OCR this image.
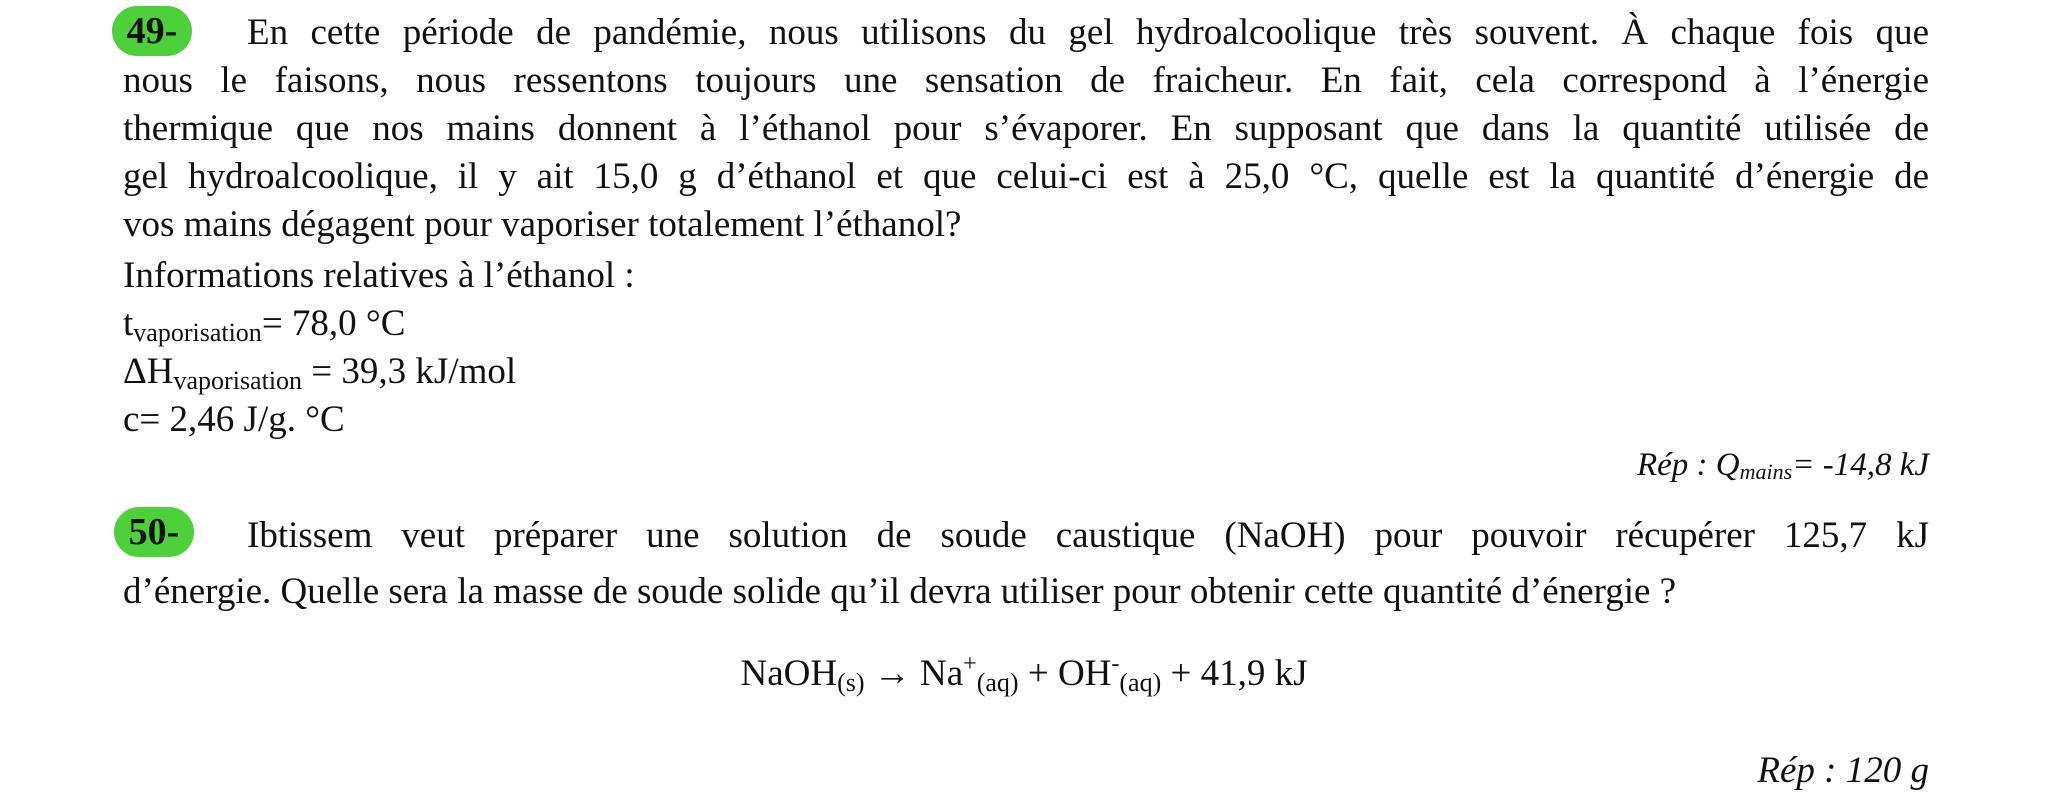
En cette période de pandémie, nous utilisons du gel hydroalcoolique très souvent. À chaque fois que
nous le faisons, nous ressentons toujours une sensation de fraicheur. En fait, cela correspond à l’énergie
thermique que nos mains donnent à l’éthanol pour s’évaporer. En supposant que dans la quantité utilisée de
gel hydroalcoolique, il y ait 15,0 g d’éthanol et que celui-ci est à 25,0 °C, quelle est la quantité d’énergie de
vos mains dégagent pour vaporiser totalement l’éthanol?
49-
Informations relatives à l’éthanol :
$t_{vaporisation}= 78,0$ °C
$\Delta H_{vaporisation} = 39,3$ kJ/mol
c= 2,46 J/g. °C
Rép : $Q_{mains}= -14,8$ kJ
Ibtissem veut préparer une solution de soude caustique (NaOH) pour pouvoir récupérer 125,7 kJ
d’énergie. Quelle sera la masse de soude solide qu’il devra utiliser pour obtenir cette quantité d’énergie ?
50-
NaOH$_{(s)}$ → $Na^+_{(aq)} + OH^-_{(aq)} + 41,9$ kJ
Rép : 120 g
